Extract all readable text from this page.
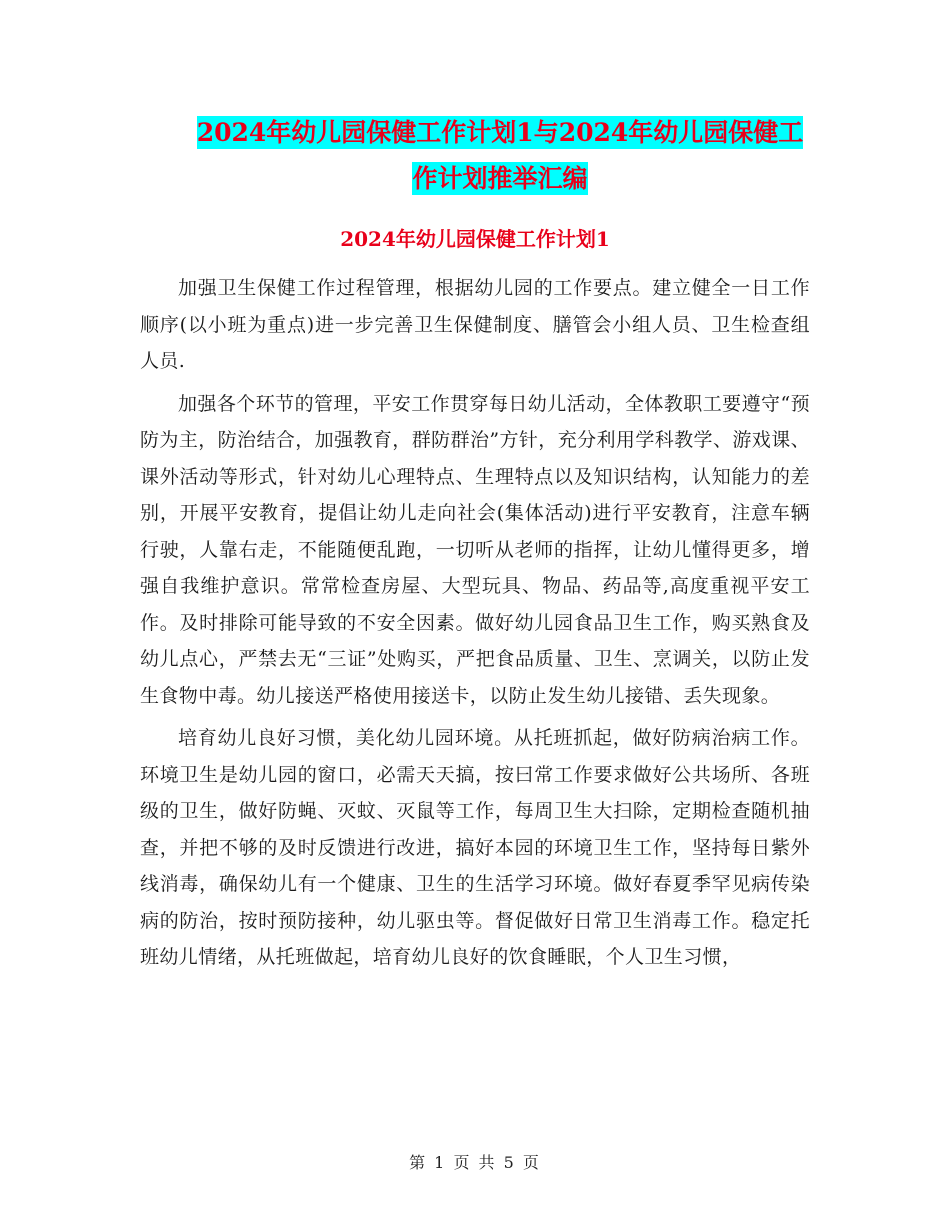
2024年幼儿园保健工作计划1与2024年幼儿园保健工
作计划推举汇编
2024年幼儿园保健工作计划1

加强卫生保健工作过程管理，根据幼儿园的工作要点。建立健全一日工作顺序(以小班为重点)进一步完善卫生保健制度、膳管会小组人员、卫生检查组人员.

加强各个环节的管理，平安工作贯穿每日幼儿活动，全体教职工要遵守“预防为主，防治结合，加强教育，群防群治”方针，充分利用学科教学、游戏课、课外活动等形式，针对幼儿心理特点、生理特点以及知识结构，认知能力的差别，开展平安教育，提倡让幼儿走向社会(集体活动)进行平安教育，注意车辆行驶，人靠右走，不能随便乱跑，一切听从老师的指挥，让幼儿懂得更多，增强自我维护意识。常常检查房屋、大型玩具、物品、药品等,高度重视平安工作。及时排除可能导致的不安全因素。做好幼儿园食品卫生工作，购买熟食及幼儿点心，严禁去无“三证”处购买，严把食品质量、卫生、烹调关，以防止发生食物中毒。幼儿接送严格使用接送卡，以防止发生幼儿接错、丢失现象。

培育幼儿良好习惯，美化幼儿园环境。从托班抓起，做好防病治病工作。环境卫生是幼儿园的窗口，必需天天搞，按曰常工作要求做好公共场所、各班级的卫生，做好防蝇、灭蚊、灭鼠等工作，每周卫生大扫除，定期检查随机抽查，并把不够的及时反馈进行改进，搞好本园的环境卫生工作，坚持每日紫外线消毒，确保幼儿有一个健康、卫生的生活学习环境。做好春夏季罕见病传染病的防治，按时预防接种，幼儿驱虫等。督促做好日常卫生消毒工作。稳定托班幼儿情绪，从托班做起，培育幼儿良好的饮食睡眠，个人卫生习惯，

第 1 页 共 5 页
